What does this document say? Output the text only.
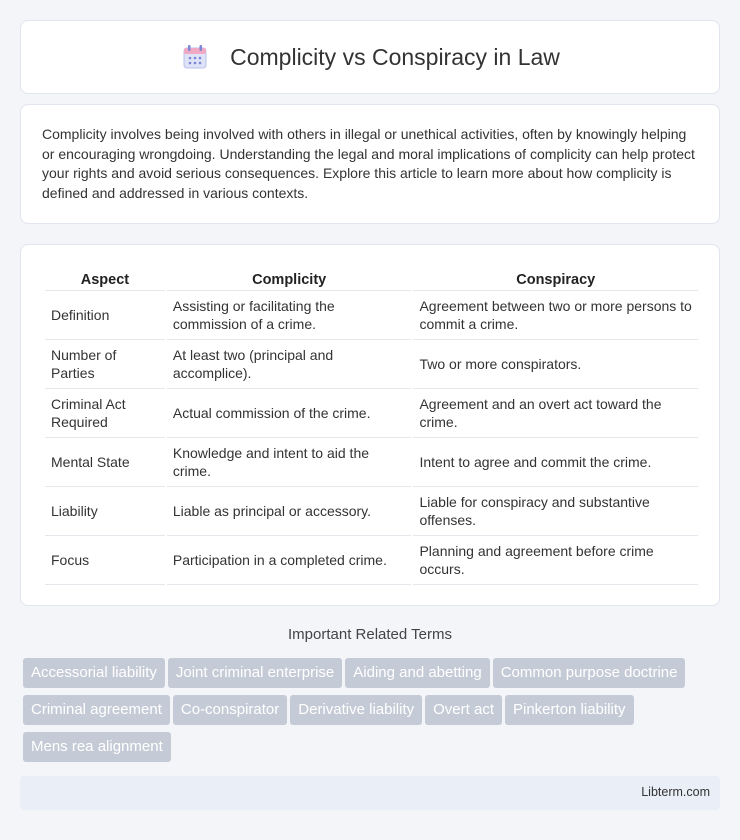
Complicity vs Conspiracy in Law

Complicity involves being involved with others in illegal or unethical activities, often by knowingly helping or encouraging wrongdoing. Understanding the legal and moral implications of complicity can help protect your rights and avoid serious consequences. Explore this article to learn more about how complicity is defined and addressed in various contexts.

Aspect	Complicity	Conspiracy
Definition	Assisting or facilitating the commission of a crime.	Agreement between two or more persons to commit a crime.
Number of Parties	At least two (principal and accomplice).	Two or more conspirators.
Criminal Act Required	Actual commission of the crime.	Agreement and an overt act toward the crime.
Mental State	Knowledge and intent to aid the crime.	Intent to agree and commit the crime.
Liability	Liable as principal or accessory.	Liable for conspiracy and substantive offenses.
Focus	Participation in a completed crime.	Planning and agreement before crime occurs.
Important Related Terms
Accessorial liability Joint criminal enterprise Aiding and abetting Common purpose doctrineCriminal agreement Co-conspirator Derivative liability Overt act Pinkerton liabilityMens rea alignment
Libterm.com
